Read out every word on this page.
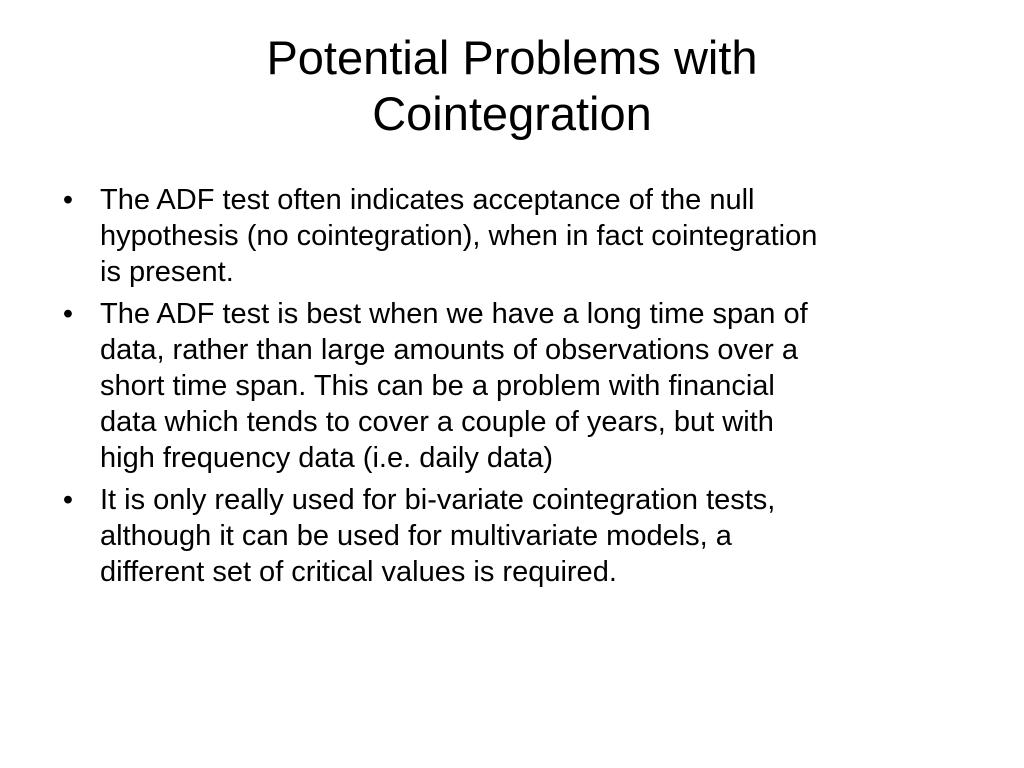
Potential Problems with
Cointegration
• The ADF test often indicates acceptance of the null
hypothesis (no cointegration), when in fact cointegration
is present.
• The ADF test is best when we have a long time span of
data, rather than large amounts of observations over a
short time span. This can be a problem with financial
data which tends to cover a couple of years, but with
high frequency data (i.e. daily data)
• It is only really used for bi-variate cointegration tests,
although it can be used for multivariate models, a
different set of critical values is required.
